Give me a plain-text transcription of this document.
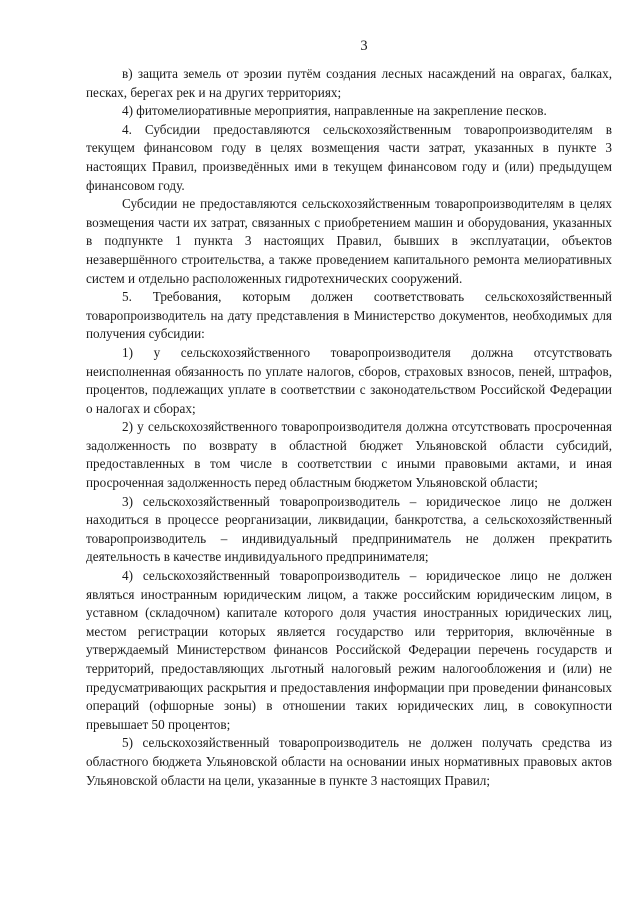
3

в) защита земель от эрозии путём создания лесных насаждений на оврагах, балках, песках, берегах рек и на других территориях;

4) фитомелиоративные мероприятия, направленные на закрепление песков.

4. Субсидии предоставляются сельскохозяйственным товаропроизводителям в текущем финансовом году в целях возмещения части затрат, указанных в пункте 3 настоящих Правил, произведённых ими в текущем финансовом году и (или) предыдущем финансовом году.

Субсидии не предоставляются сельскохозяйственным товаропроизводителям в целях возмещения части их затрат, связанных с приобретением машин и оборудования, указанных в подпункте 1 пункта 3 настоящих Правил, бывших в эксплуатации, объектов незавершённого строительства, а также проведением капитального ремонта мелиоративных систем и отдельно расположенных гидротехнических сооружений.

5. Требования, которым должен соответствовать сельскохозяйственный товаропроизводитель на дату представления в Министерство документов, необходимых для получения субсидии:

1) у сельскохозяйственного товаропроизводителя должна отсутствовать неисполненная обязанность по уплате налогов, сборов, страховых взносов, пеней, штрафов, процентов, подлежащих уплате в соответствии с законодательством Российской Федерации о налогах и сборах;

2) у сельскохозяйственного товаропроизводителя должна отсутствовать просроченная задолженность по возврату в областной бюджет Ульяновской области субсидий, предоставленных в том числе в соответствии с иными правовыми актами, и иная просроченная задолженность перед областным бюджетом Ульяновской области;

3) сельскохозяйственный товаропроизводитель – юридическое лицо не должен находиться в процессе реорганизации, ликвидации, банкротства, а сельскохозяйственный товаропроизводитель – индивидуальный предприниматель не должен прекратить деятельность в качестве индивидуального предпринимателя;

4) сельскохозяйственный товаропроизводитель – юридическое лицо не должен являться иностранным юридическим лицом, а также российским юридическим лицом, в уставном (складочном) капитале которого доля участия иностранных юридических лиц, местом регистрации которых является государство или территория, включённые в утверждаемый Министерством финансов Российской Федерации перечень государств и территорий, предоставляющих льготный налоговый режим налогообложения и (или) не предусматривающих раскрытия и предоставления информации при проведении финансовых операций (офшорные зоны) в отношении таких юридических лиц, в совокупности превышает 50 процентов;

5) сельскохозяйственный товаропроизводитель не должен получать средства из областного бюджета Ульяновской области на основании иных нормативных правовых актов Ульяновской области на цели, указанные в пункте 3 настоящих Правил;
